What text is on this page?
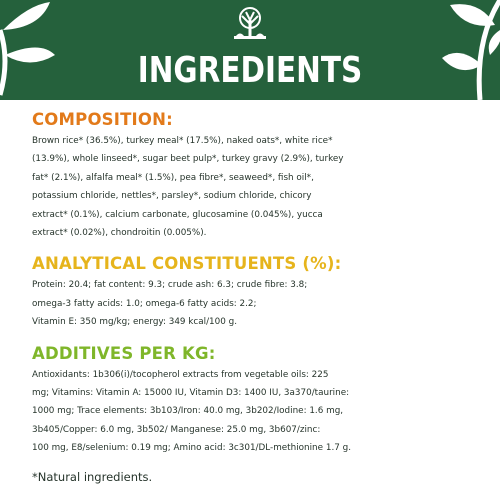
INGREDIENTS
COMPOSITION:

Brown rice* (36.5%), turkey meal* (17.5%), naked oats*, white rice*
(13.9%), whole linseed*, sugar beet pulp*, turkey gravy (2.9%), turkey
fat* (2.1%), alfalfa meal* (1.5%), pea fibre*, seaweed*, fish oil*,
potassium chloride, nettles*, parsley*, sodium chloride, chicory
extract* (0.1%), calcium carbonate, glucosamine (0.045%), yucca
extract* (0.02%), chondroitin (0.005%).

ANALYTICAL CONSTITUENTS (%):

Protein: 20.4; fat content: 9.3; crude ash: 6.3; crude fibre: 3.8;
omega-3 fatty acids: 1.0; omega-6 fatty acids: 2.2;
Vitamin E: 350 mg/kg; energy: 349 kcal/100 g.

ADDITIVES PER KG:

Antioxidants: 1b306(i)/tocopherol extracts from vegetable oils: 225
mg; Vitamins: Vitamin A: 15000 IU, Vitamin D3: 1400 IU, 3a370/taurine:
1000 mg; Trace elements: 3b103/Iron: 40.0 mg, 3b202/Iodine: 1.6 mg,
3b405/Copper: 6.0 mg, 3b502/ Manganese: 25.0 mg, 3b607/zinc:
100 mg, E8/selenium: 0.19 mg; Amino acid: 3c301/DL-methionine 1.7 g.

*Natural ingredients.
